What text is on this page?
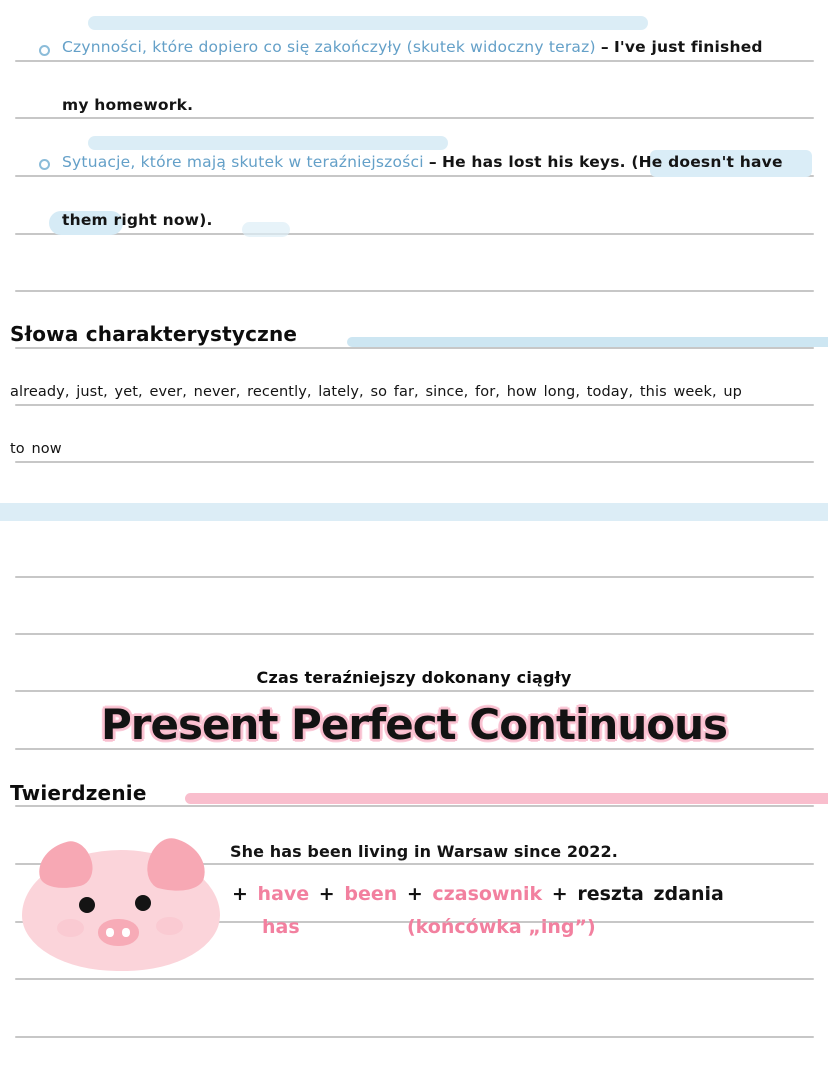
Czynności, które dopiero co się zakończyły (skutek widoczny teraz) – I've just finished
my homework.
Sytuacje, które mają skutek w teraźniejszości – He has lost his keys. (He doesn't have
them right now).
Słowa charakterystyczne
already, just, yet, ever, never, recently, lately, so far, since, for, how long, today, this week, up
to now
Czas teraźniejszy dokonany ciągły
Present Perfect Continuous
Twierdzenie
She has been living in Warsaw since 2022.
+ have + been + czasownik + reszta zdania
has	(końcówka „ing”)
